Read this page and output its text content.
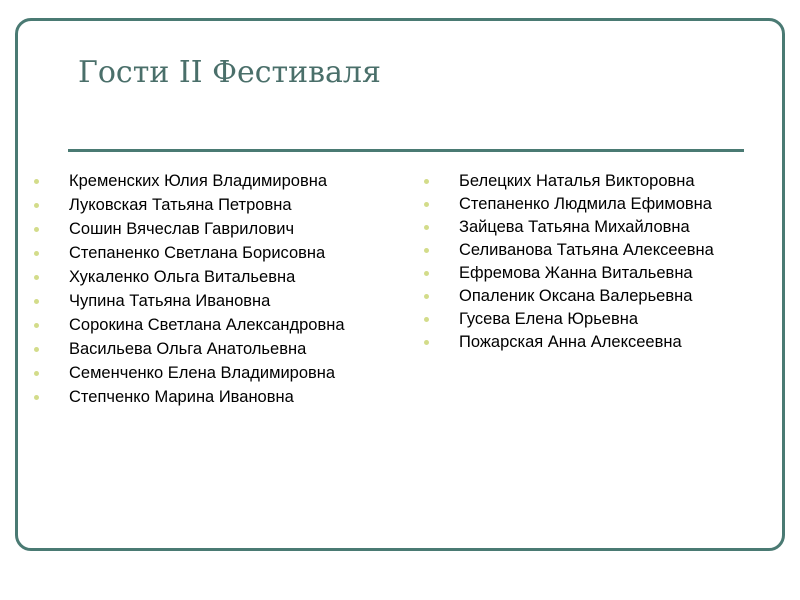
Гости II Фестиваля
Кременских Юлия Владимировна
Луковская Татьяна Петровна
Сошин Вячеслав Гаврилович
Степаненко Светлана Борисовна
Хукаленко Ольга Витальевна
Чупина Татьяна Ивановна
Сорокина Светлана Александровна
Васильева Ольга Анатольевна
Семенченко Елена Владимировна
Степченко Марина Ивановна
Белецких Наталья Викторовна
Степаненко Людмила Ефимовна
Зайцева Татьяна Михайловна
Селиванова Татьяна Алексеевна
Ефремова Жанна Витальевна
Опаленик Оксана Валерьевна
Гусева Елена Юрьевна
Пожарская Анна Алексеевна
